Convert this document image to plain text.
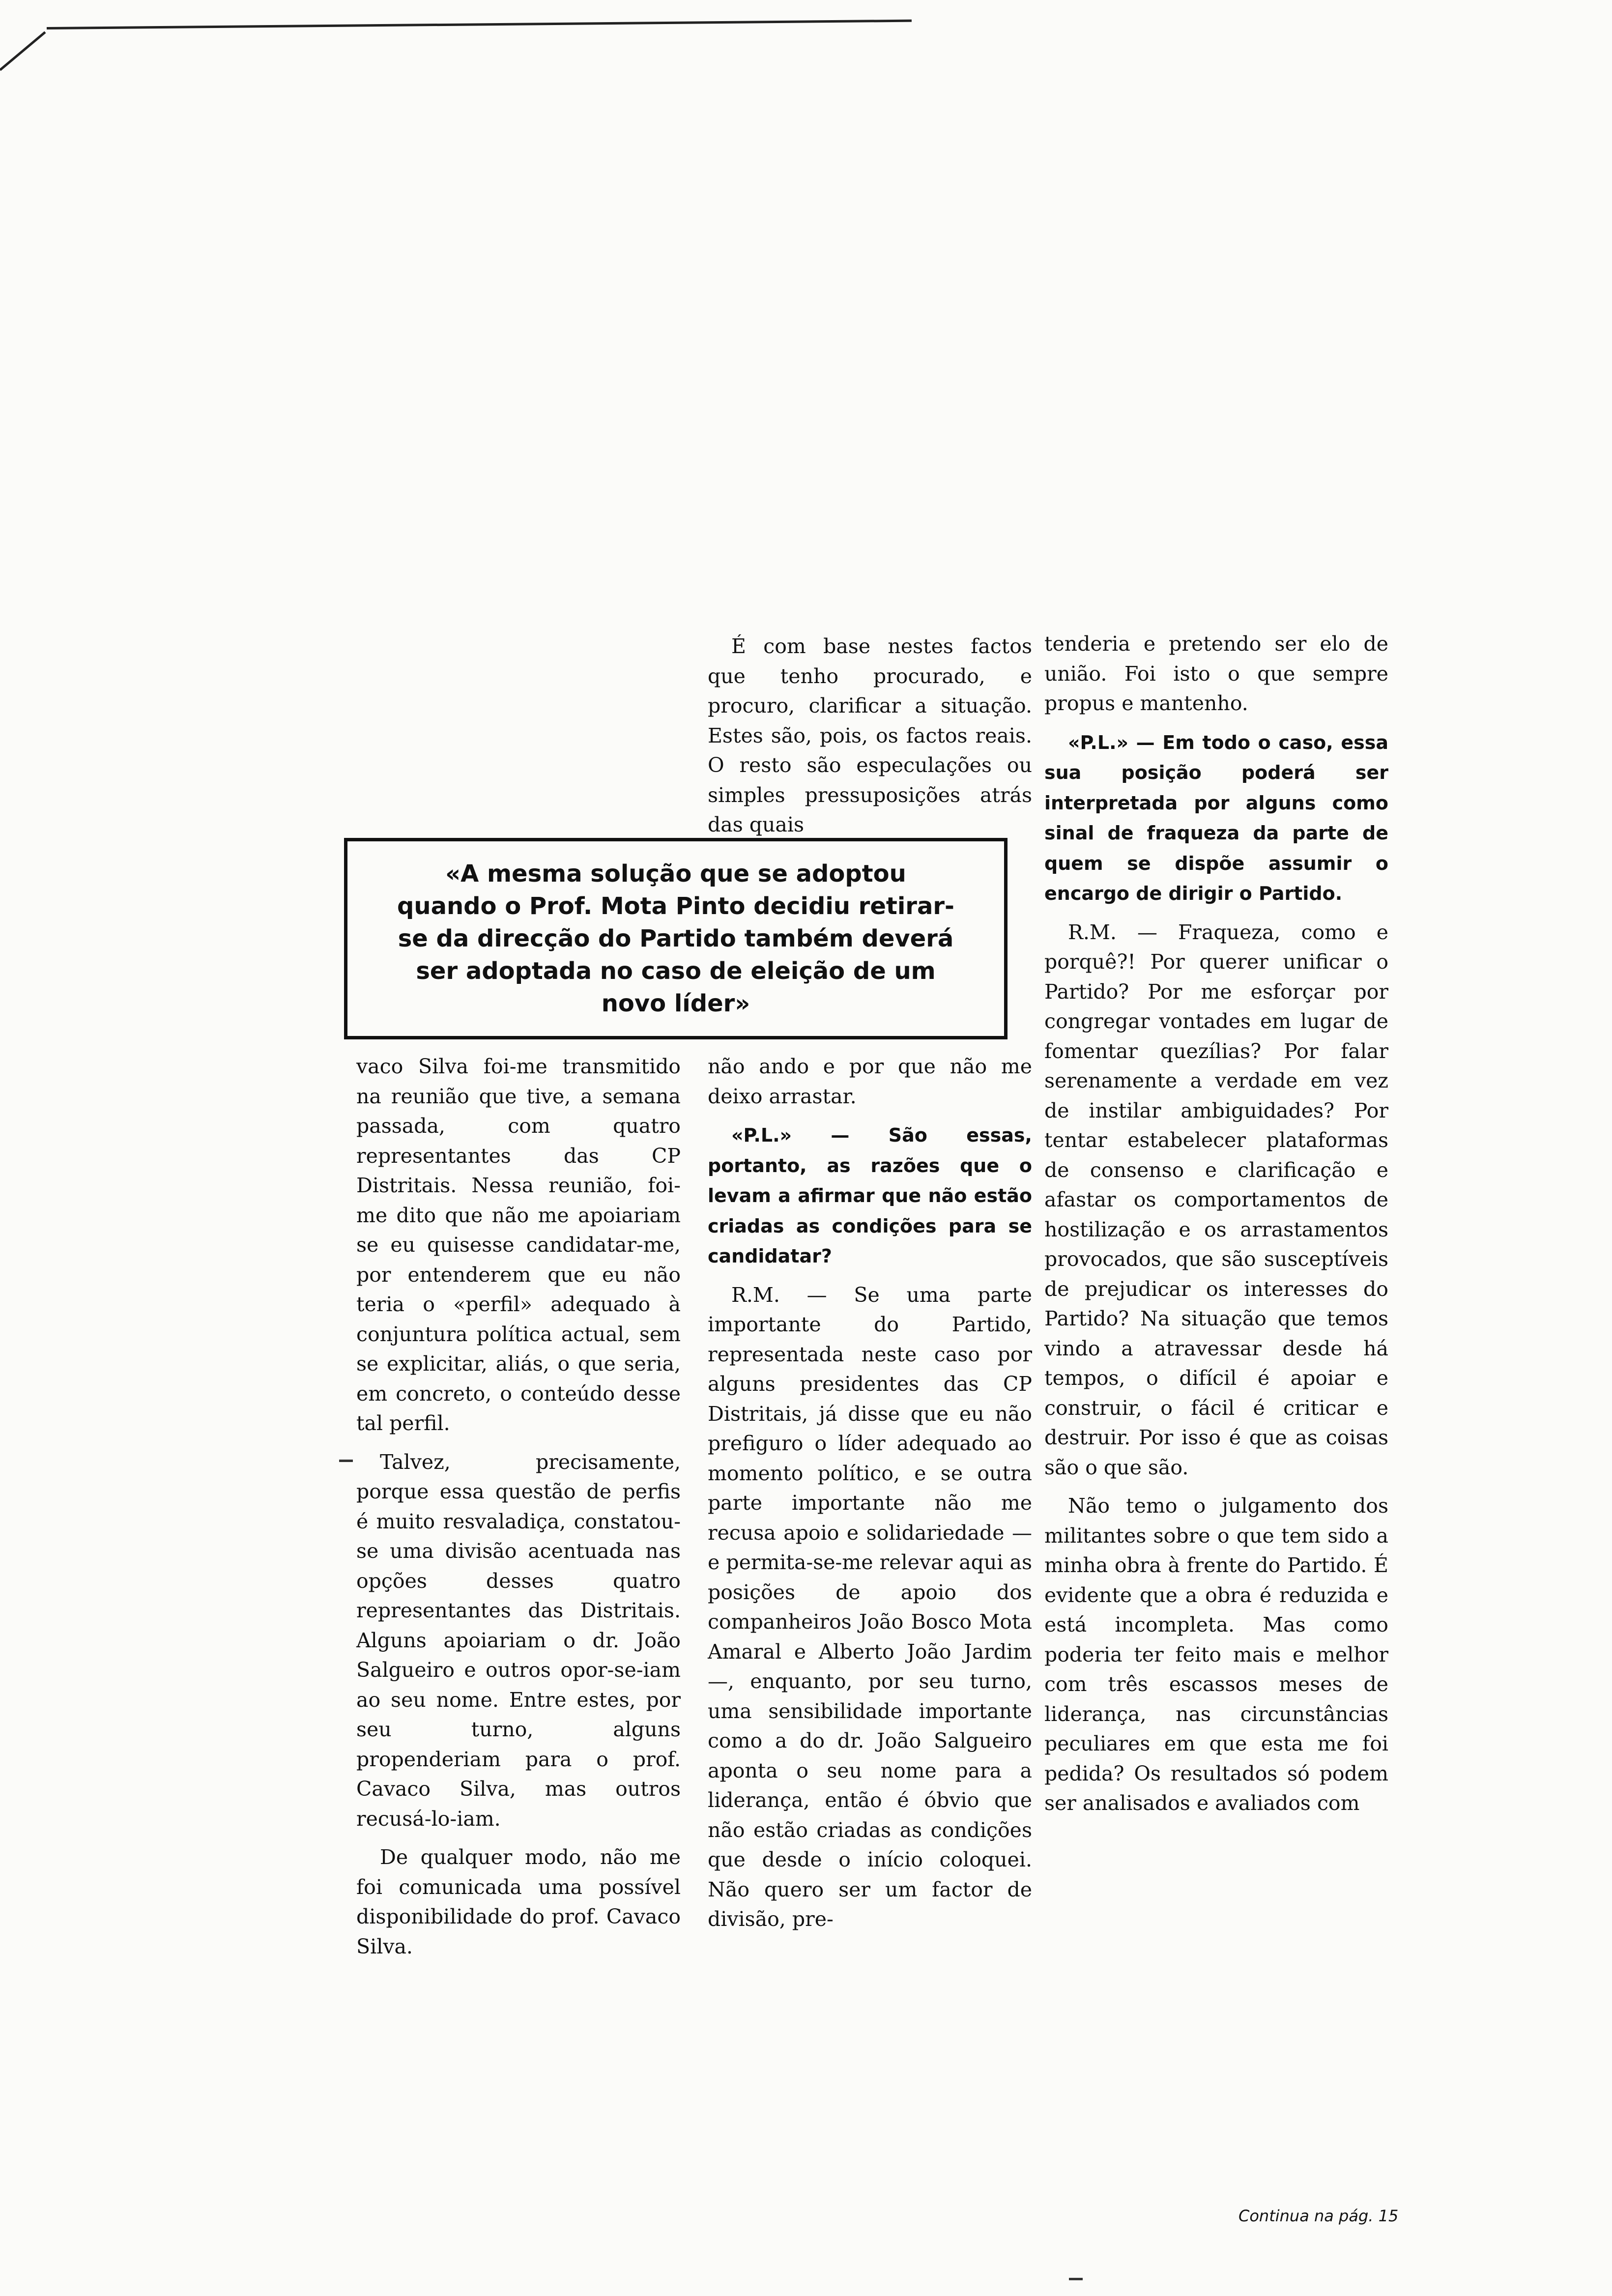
É com base nestes factos que tenho procurado, e procuro, clarificar a situação. Estes são, pois, os factos reais. O resto são especulações ou simples pressuposições atrás das quais

tenderia e pretendo ser elo de união. Foi isto o que sempre propus e mantenho.

«P.L.» — Em todo o caso, essa sua posição poderá ser interpretada por alguns como sinal de fraqueza da parte de quem se dispõe assumir o encargo de dirigir o Partido.

R.M. — Fraqueza, como e porquê?! Por querer unificar o Partido? Por me esforçar por congregar vontades em lugar de fomentar quezílias? Por falar serenamente a verdade em vez de instilar ambiguidades? Por tentar estabelecer plataformas de consenso e clarificação e afastar os comportamentos de hostilização e os arrastamentos provocados, que são susceptíveis de prejudicar os interesses do Partido? Na situação que temos vindo a atravessar desde há tempos, o difícil é apoiar e construir, o fácil é criticar e destruir. Por isso é que as coisas são o que são.

Não temo o julgamento dos militantes sobre o que tem sido a minha obra à frente do Partido. É evidente que a obra é reduzida e está incompleta. Mas como poderia ter feito mais e melhor com três escassos meses de liderança, nas circunstâncias peculiares em que esta me foi pedida? Os resultados só podem ser analisados e avaliados com

«A mesma solução que se adoptou quando o Prof. Mota Pinto decidiu retirar-se da direcção do Partido também deverá ser adoptada no caso de eleição de um novo líder»

vaco Silva foi-me transmitido na reunião que tive, a semana passada, com quatro representantes das CP Distritais. Nessa reunião, foi-me dito que não me apoiariam se eu quisesse candidatar-me, por entenderem que eu não teria o «perfil» adequado à conjuntura política actual, sem se explicitar, aliás, o que seria, em concreto, o conteúdo desse tal perfil.

Talvez, precisamente, porque essa questão de perfis é muito resvaladiça, constatou-se uma divisão acentuada nas opções desses quatro representantes das Distritais. Alguns apoiariam o dr. João Salgueiro e outros opor-se-iam ao seu nome. Entre estes, por seu turno, alguns propenderiam para o prof. Cavaco Silva, mas outros recusá-lo-iam.

De qualquer modo, não me foi comunicada uma possível disponibilidade do prof. Cavaco Silva.

não ando e por que não me deixo arrastar.

«P.L.» — São essas, portanto, as razões que o levam a afirmar que não estão criadas as condições para se candidatar?

R.M. — Se uma parte importante do Partido, representada neste caso por alguns presidentes das CP Distritais, já disse que eu não prefiguro o líder adequado ao momento político, e se outra parte importante não me recusa apoio e solidariedade — e permita-se-me relevar aqui as posições de apoio dos companheiros João Bosco Mota Amaral e Alberto João Jardim —, enquanto, por seu turno, uma sensibilidade importante como a do dr. João Salgueiro aponta o seu nome para a liderança, então é óbvio que não estão criadas as condições que desde o início coloquei. Não quero ser um factor de divisão, pre-

Continua na pág. 15
